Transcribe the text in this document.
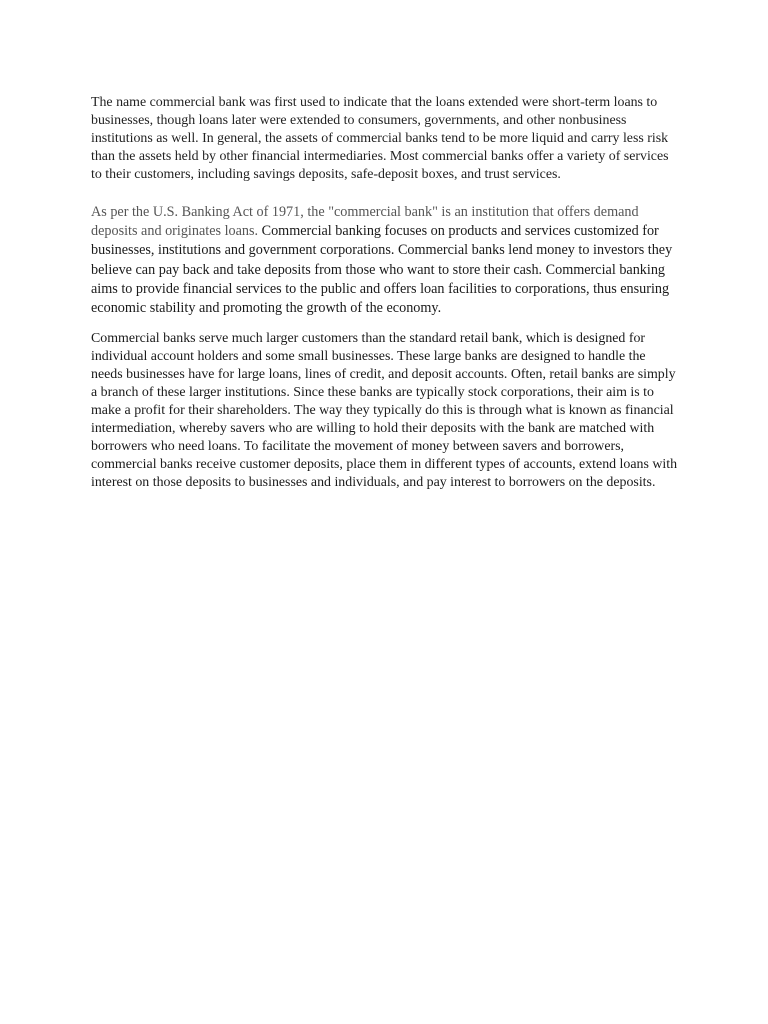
The name commercial bank was first used to indicate that the loans extended were short-term loans to businesses, though loans later were extended to consumers, governments, and other nonbusiness institutions as well. In general, the assets of commercial banks tend to be more liquid and carry less risk than the assets held by other financial intermediaries. Most commercial banks offer a variety of services to their customers, including savings deposits, safe-deposit boxes, and trust services.

As per the U.S. Banking Act of 1971, the "commercial bank" is an institution that offers demand deposits and originates loans. Commercial banking focuses on products and services customized for businesses, institutions and government corporations. Commercial banks lend money to investors they believe can pay back and take deposits from those who want to store their cash. Commercial banking aims to provide financial services to the public and offers loan facilities to corporations, thus ensuring economic stability and promoting the growth of the economy.

Commercial banks serve much larger customers than the standard retail bank, which is designed for individual account holders and some small businesses. These large banks are designed to handle the needs businesses have for large loans, lines of credit, and deposit accounts. Often, retail banks are simply a branch of these larger institutions. Since these banks are typically stock corporations, their aim is to make a profit for their shareholders. The way they typically do this is through what is known as financial intermediation, whereby savers who are willing to hold their deposits with the bank are matched with borrowers who need loans. To facilitate the movement of money between savers and borrowers, commercial banks receive customer deposits, place them in different types of accounts, extend loans with interest on those deposits to businesses and individuals, and pay interest to borrowers on the deposits.
